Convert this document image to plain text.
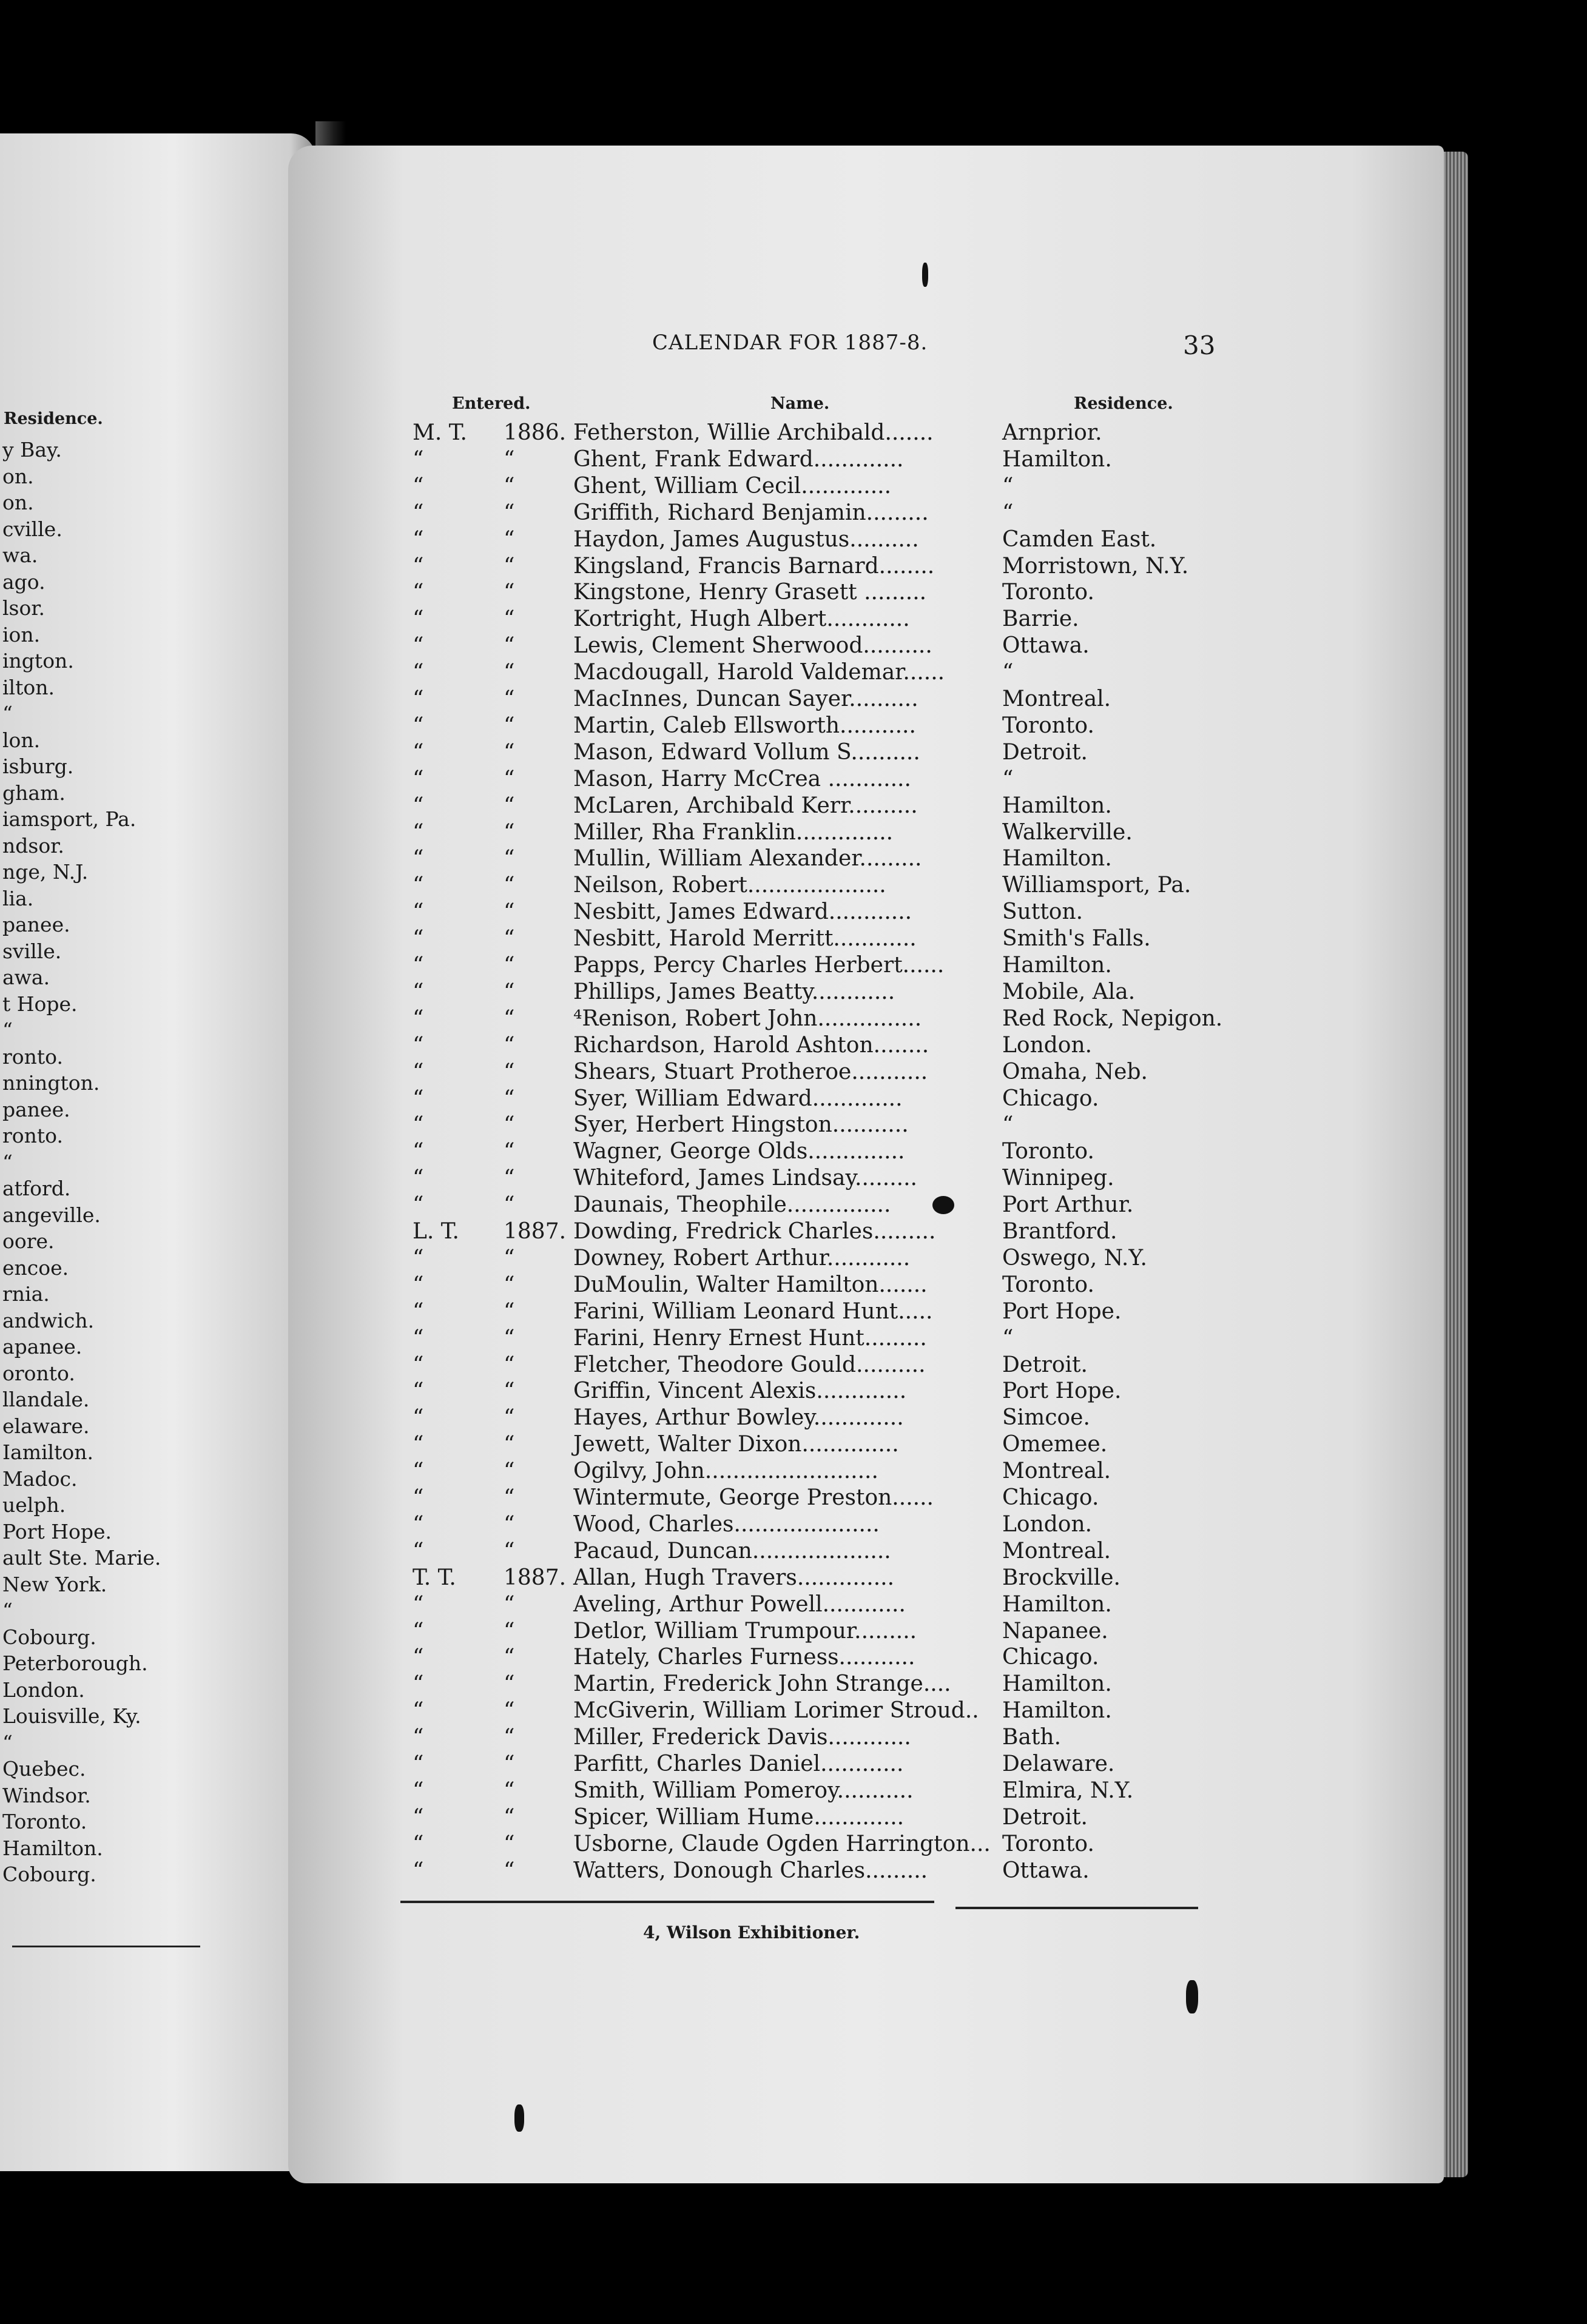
Residence.
y Bay.
on.
on.
cville.
wa.
ago.
lsor.
ion.
ington.
ilton.
“
lon.
isburg.
gham.
iamsport, Pa.
ndsor.
nge, N.J.
lia.
panee.
sville.
awa.
t Hope.
“
ronto.
nnington.
panee.
ronto.
“
atford.
angeville.
oore.
encoe.
rnia.
andwich.
apanee.
oronto.
llandale.
elaware.
Iamilton.
Madoc.
uelph.
Port Hope.
ault Ste. Marie.
New York.
“
Cobourg.
Peterborough.
London.
Louisville, Ky.
“
Quebec.
Windsor.
Toronto.
Hamilton.
Cobourg.
CALENDAR FOR 1887-8.	33
Entered.	Name.	Residence.
M. T.	1886. Fetherston, Willie Archibald.......	Arnprior.
“	“	Ghent, Frank Edward.............	Hamilton.
“	“	Ghent, William Cecil.............	“
“	“	Griffith, Richard Benjamin.........	“
“	“	Haydon, James Augustus..........	Camden East.
“	“	Kingsland, Francis Barnard........	Morristown, N.Y.
“	“	Kingstone, Henry Grasett .........	Toronto.
“	“	Kortright, Hugh Albert............	Barrie.
“	“	Lewis, Clement Sherwood..........	Ottawa.
“	“	Macdougall, Harold Valdemar......	“
“	“	MacInnes, Duncan Sayer..........	Montreal.
“	“	Martin, Caleb Ellsworth...........	Toronto.
“	“	Mason, Edward Vollum S..........	Detroit.
“	“	Mason, Harry McCrea ............	“
“	“	McLaren, Archibald Kerr..........	Hamilton.
“	“	Miller, Rha Franklin..............	Walkerville.
“	“	Mullin, William Alexander.........	Hamilton.
“	“	Neilson, Robert....................	Williamsport, Pa.
“	“	Nesbitt, James Edward............	Sutton.
“	“	Nesbitt, Harold Merritt............	Smith's Falls.
“	“	Papps, Percy Charles Herbert......	Hamilton.
“	“	Phillips, James Beatty............	Mobile, Ala.
“	“	⁴Renison, Robert John...............	Red Rock, Nepigon.
“	“	Richardson, Harold Ashton........	London.
“	“	Shears, Stuart Protheroe...........	Omaha, Neb.
“	“	Syer, William Edward.............	Chicago.
“	“	Syer, Herbert Hingston...........	“
“	“	Wagner, George Olds..............	Toronto.
“	“	Whiteford, James Lindsay.........	Winnipeg.
“	“	Daunais, Theophile...............	Port Arthur.
L. T.	1887. Dowding, Fredrick Charles.........	Brantford.
“	“	Downey, Robert Arthur............	Oswego, N.Y.
“	“	DuMoulin, Walter Hamilton.......	Toronto.
“	“	Farini, William Leonard Hunt.....	Port Hope.
“	“	Farini, Henry Ernest Hunt.........	“
“	“	Fletcher, Theodore Gould..........	Detroit.
“	“	Griffin, Vincent Alexis.............	Port Hope.
“	“	Hayes, Arthur Bowley.............	Simcoe.
“	“	Jewett, Walter Dixon..............	Omemee.
“	“	Ogilvy, John.........................	Montreal.
“	“	Wintermute, George Preston......	Chicago.
“	“	Wood, Charles.....................	London.
“	“	Pacaud, Duncan....................	Montreal.
T. T.	1887. Allan, Hugh Travers..............	Brockville.
“	“	Aveling, Arthur Powell............	Hamilton.
“	“	Detlor, William Trumpour.........	Napanee.
“	“	Hately, Charles Furness...........	Chicago.
“	“	Martin, Frederick John Strange.... Hamilton.
“	“	McGiverin, William Lorimer Stroud.. Hamilton.
“	“	Miller, Frederick Davis............	Bath.
“	“	Parfitt, Charles Daniel............	Delaware.
“	“	Smith, William Pomeroy...........	Elmira, N.Y.
“	“	Spicer, William Hume.............	Detroit.
“	“	Usborne, Claude Ogden Harrington... Toronto.
“	“	Watters, Donough Charles.........	Ottawa.
4, Wilson Exhibitioner.
